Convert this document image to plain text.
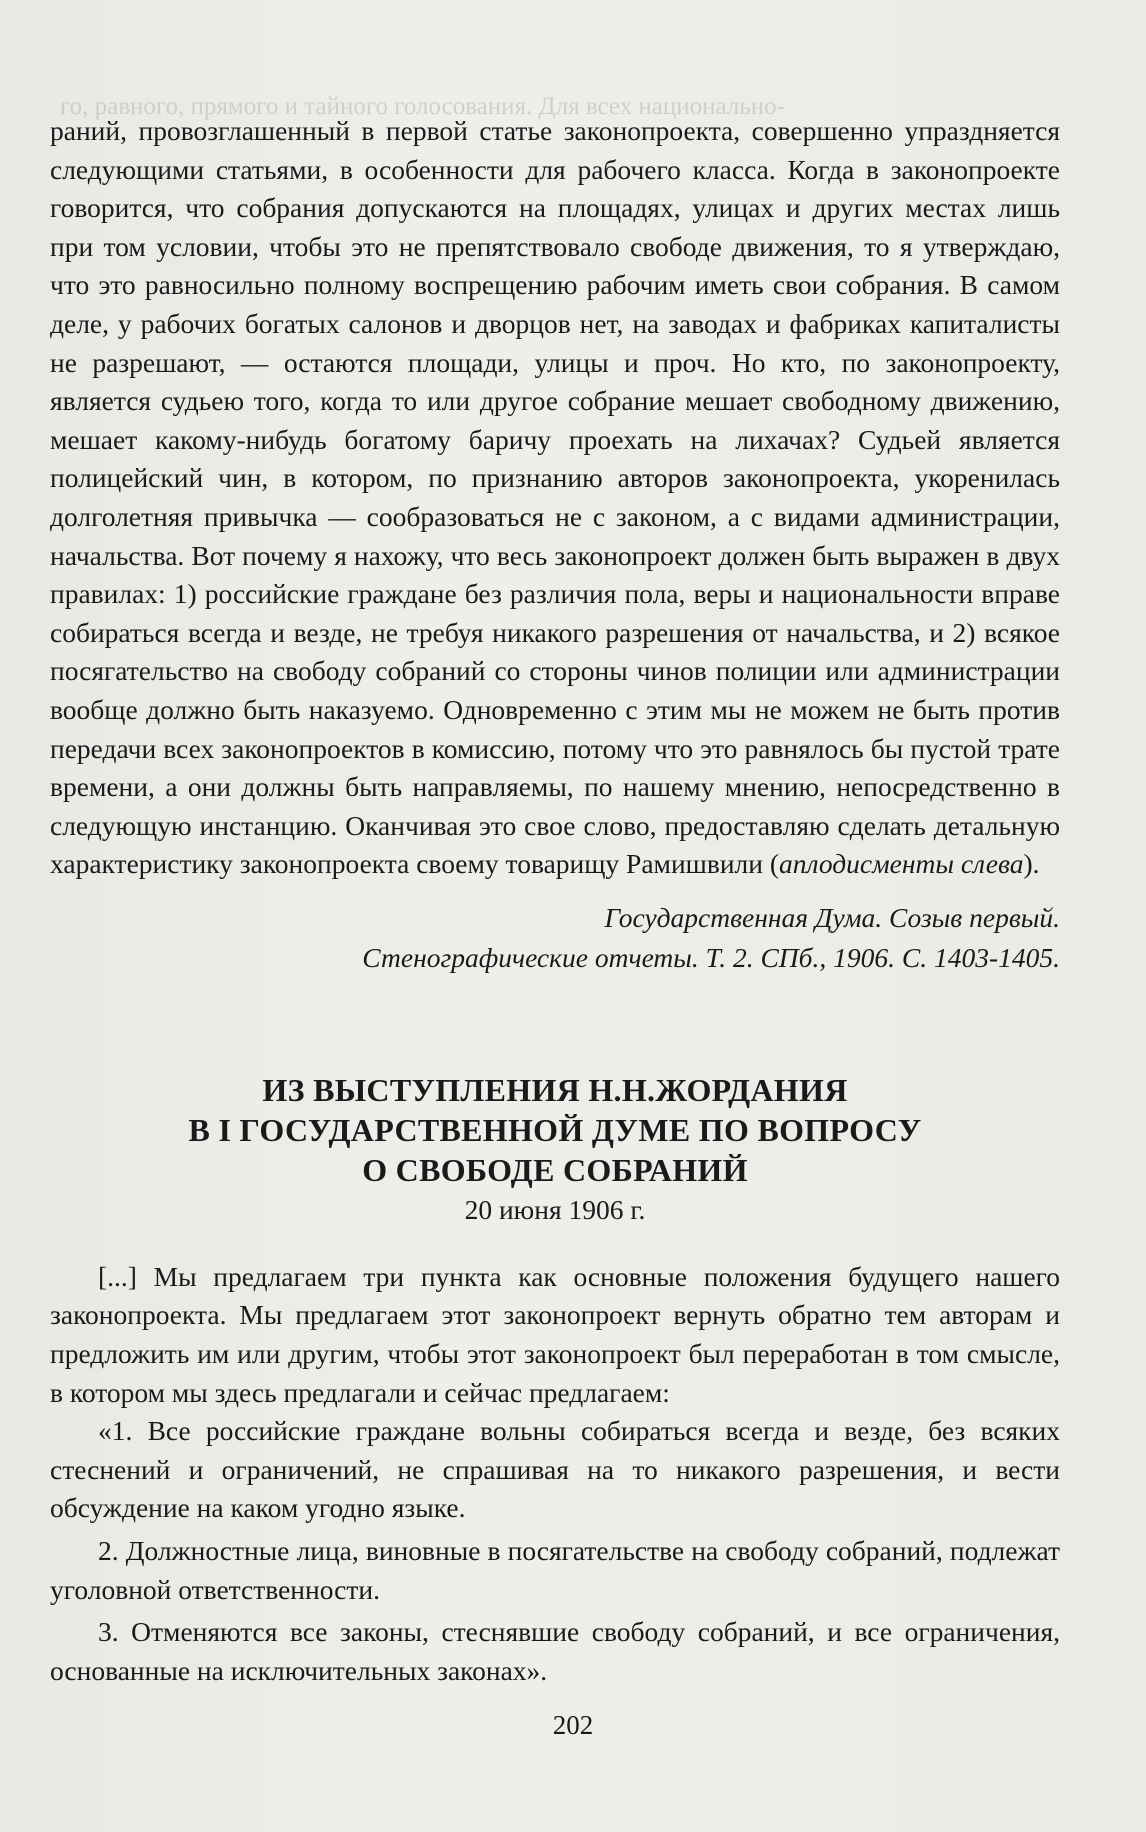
го, равного, прямого и тайного голосования. Для всех национально-

раний, провозглашенный в первой статье законопроекта, совершенно упраздняется следующими статьями, в особенности для рабочего класса. Когда в законопроекте говорится, что собрания допускаются на площадях, улицах и других местах лишь при том условии, чтобы это не препятствовало свободе движения, то я утверждаю, что это равносильно полному воспрещению рабочим иметь свои собрания. В самом деле, у рабочих богатых салонов и дворцов нет, на заводах и фабриках капиталисты не разрешают, — остаются площади, улицы и проч. Но кто, по законопроекту, является судьею того, когда то или другое собрание мешает свободному движению, мешает какому-нибудь богатому баричу проехать на лихачах? Судьей является полицейский чин, в котором, по признанию авторов законопроекта, укоренилась долголетняя привычка — сообразоваться не с законом, а с видами администрации, начальства. Вот почему я нахожу, что весь законопроект должен быть выражен в двух правилах: 1) российские граждане без различия пола, веры и национальности вправе собираться всегда и везде, не требуя никакого разрешения от начальства, и 2) всякое посягательство на свободу собраний со стороны чинов полиции или администрации вообще должно быть наказуемо. Одновременно с этим мы не можем не быть против передачи всех законопроектов в комиссию, потому что это равнялось бы пустой трате времени, а они должны быть направляемы, по нашему мнению, непосредственно в следующую инстанцию. Оканчивая это свое слово, предоставляю сделать детальную характеристику законопроекта своему товарищу Рамишвили (аплодисменты слева).

Государственная Дума. Созыв первый.
Стенографические отчеты. Т. 2. СПб., 1906. С. 1403-1405.

ИЗ ВЫСТУПЛЕНИЯ Н.Н.ЖОРДАНИЯ
В I ГОСУДАРСТВЕННОЙ ДУМЕ ПО ВОПРОСУ
О СВОБОДЕ СОБРАНИЙ

20 июня 1906 г.

[...] Мы предлагаем три пункта как основные положения будущего нашего законопроекта. Мы предлагаем этот законопроект вернуть обратно тем авторам и предложить им или другим, чтобы этот законопроект был переработан в том смысле, в котором мы здесь предлагали и сейчас предлагаем:

«1. Все российские граждане вольны собираться всегда и везде, без всяких стеснений и ограничений, не спрашивая на то никакого разрешения, и вести обсуждение на каком угодно языке.

2. Должностные лица, виновные в посягательстве на свободу собраний, подлежат уголовной ответственности.

3. Отменяются все законы, стеснявшие свободу собраний, и все ограничения, основанные на исключительных законах».

202
